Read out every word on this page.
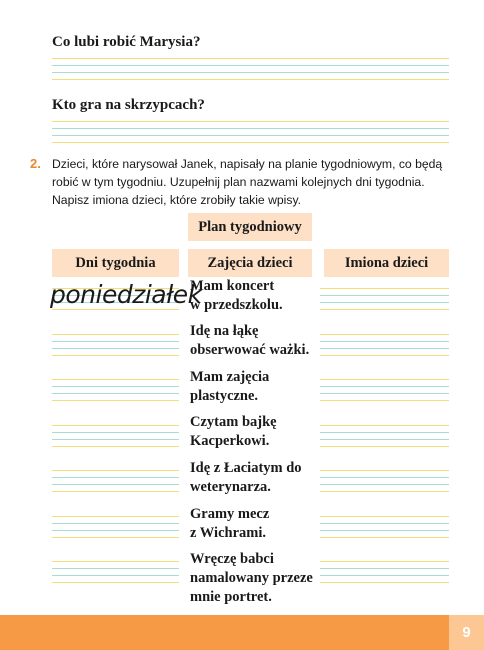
Co lubi robić Marysia?
Kto gra na skrzypcach?
2. Dzieci, które narysował Janek, napisały na planie tygodniowym, co będą robić w tym tygodniu. Uzupełnij plan nazwami kolejnych dni tygodnia. Napisz imiona dzieci, które zrobiły takie wpisy.
Plan tygodniowy
Dni tygodnia	Zajęcia dzieci	Imiona dzieci
poniedziałek
Mam koncert
w przedszkolu.
Idę na łąkę
obserwować ważki.
Mam zajęcia
plastyczne.
Czytam bajkę
Kacperkowi.
Idę z Łaciatym do
weterynarza.
Gramy mecz
z Wichrami.
Wręczę babci
namalowany przeze
mnie portret.
9
